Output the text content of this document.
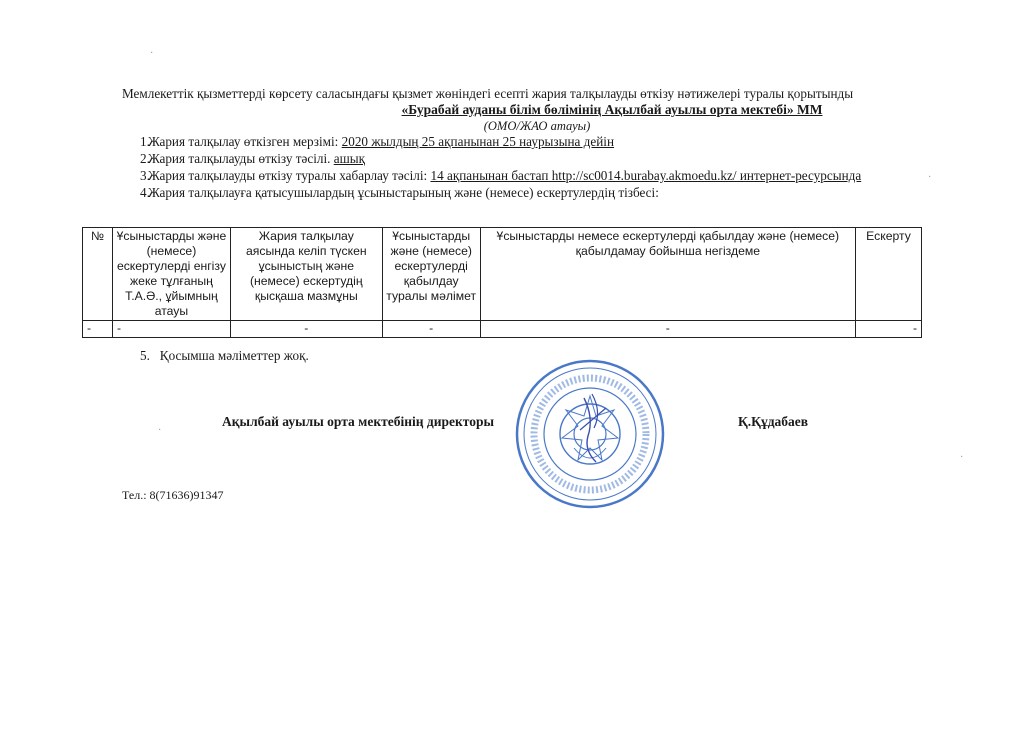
Мемлекеттік қызметтерді көрсету саласындағы қызмет жөніндегі есепті жария талқылауды өткізу нәтижелері туралы қорытынды
«Бурабай ауданы білім бөлімінің Ақылбай ауылы орта мектебі» ММ
(ОМО/ЖАО атауы)
1.
Жария талқылау өткізген мерзімі: 2020 жылдың 25 ақпанынан 25 наурызына дейін
2.
Жария талқылауды өткізу тәсілі. ашық
3.
Жария талқылауды өткізу туралы хабарлау тәсілі: 14 ақпанынан бастап http://sc0014.burabay.akmoedu.kz/ интернет-ресурсында
4.
Жария талқылауға қатысушылардың ұсыныстарының және (немесе) ескертулердің тізбесі:
№	Ұсыныстарды және (немесе) ескертулерді енгізу жеке тұлғаның Т.А.Ә., ұйымның атауы	Жария талқылау аясында келіп түскен ұсыныстың және (немесе) ескертудің қысқаша мазмұны	Ұсыныстарды және (немесе) ескертулерді қабылдау туралы мәлімет	Ұсыныстарды немесе ескертулерді қабылдау және (немесе) қабылдамау бойынша негіздеме	Ескерту
-	-	-	-	-	-
5. Қосымша мәліметтер жоқ.
Ақылбай ауылы орта мектебінің директоры	Қ.Құдабаев
Тел.: 8(71636)91347
·
·
·
·
